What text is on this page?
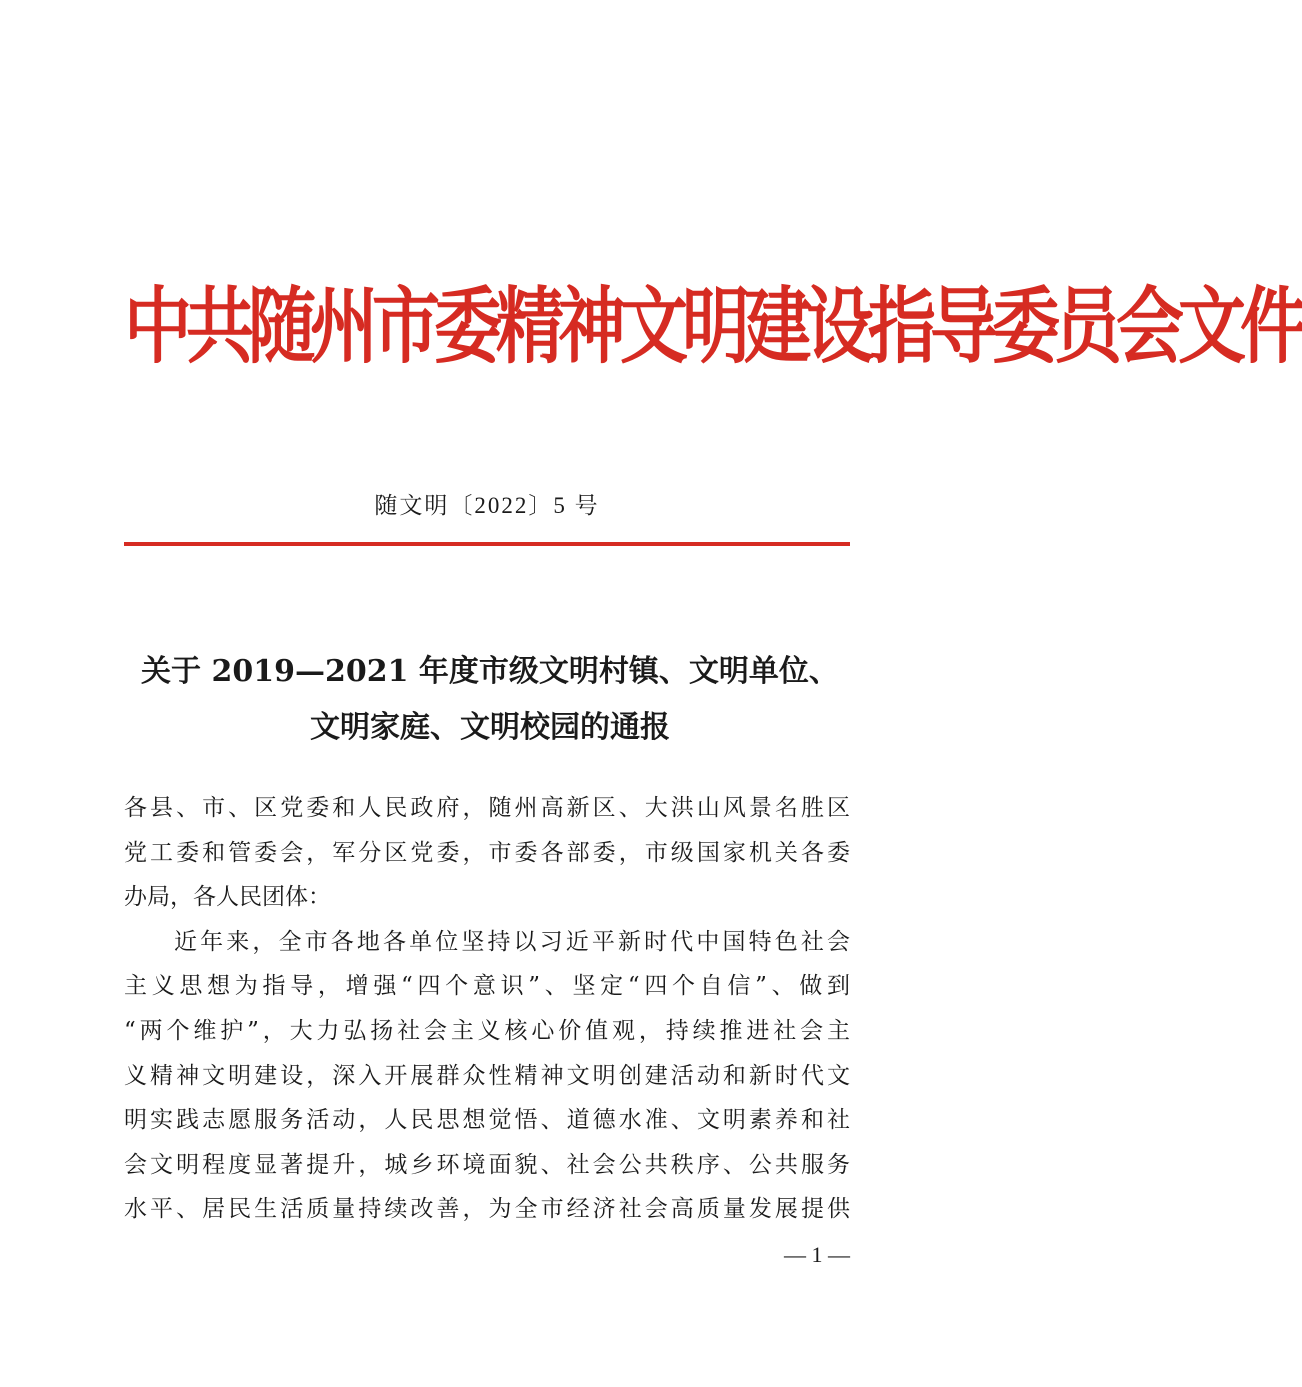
中共随州市委精神文明建设指导委员会文件
随文明〔2022〕5 号
关于 2019—2021 年度市级文明村镇、文明单位、
文明家庭、文明校园的通报
各县、市、区党委和人民政府，随州高新区、大洪山风景名胜区
党工委和管委会，军分区党委，市委各部委，市级国家机关各委
办局，各人民团体：
近年来，全市各地各单位坚持以习近平新时代中国特色社会
主义思想为指导，增强“四个意识”、坚定“四个自信”、做到
“两个维护”，大力弘扬社会主义核心价值观，持续推进社会主
义精神文明建设，深入开展群众性精神文明创建活动和新时代文
明实践志愿服务活动，人民思想觉悟、道德水准、文明素养和社
会文明程度显著提升，城乡环境面貌、社会公共秩序、公共服务
水平、居民生活质量持续改善，为全市经济社会高质量发展提供
— 1 —
